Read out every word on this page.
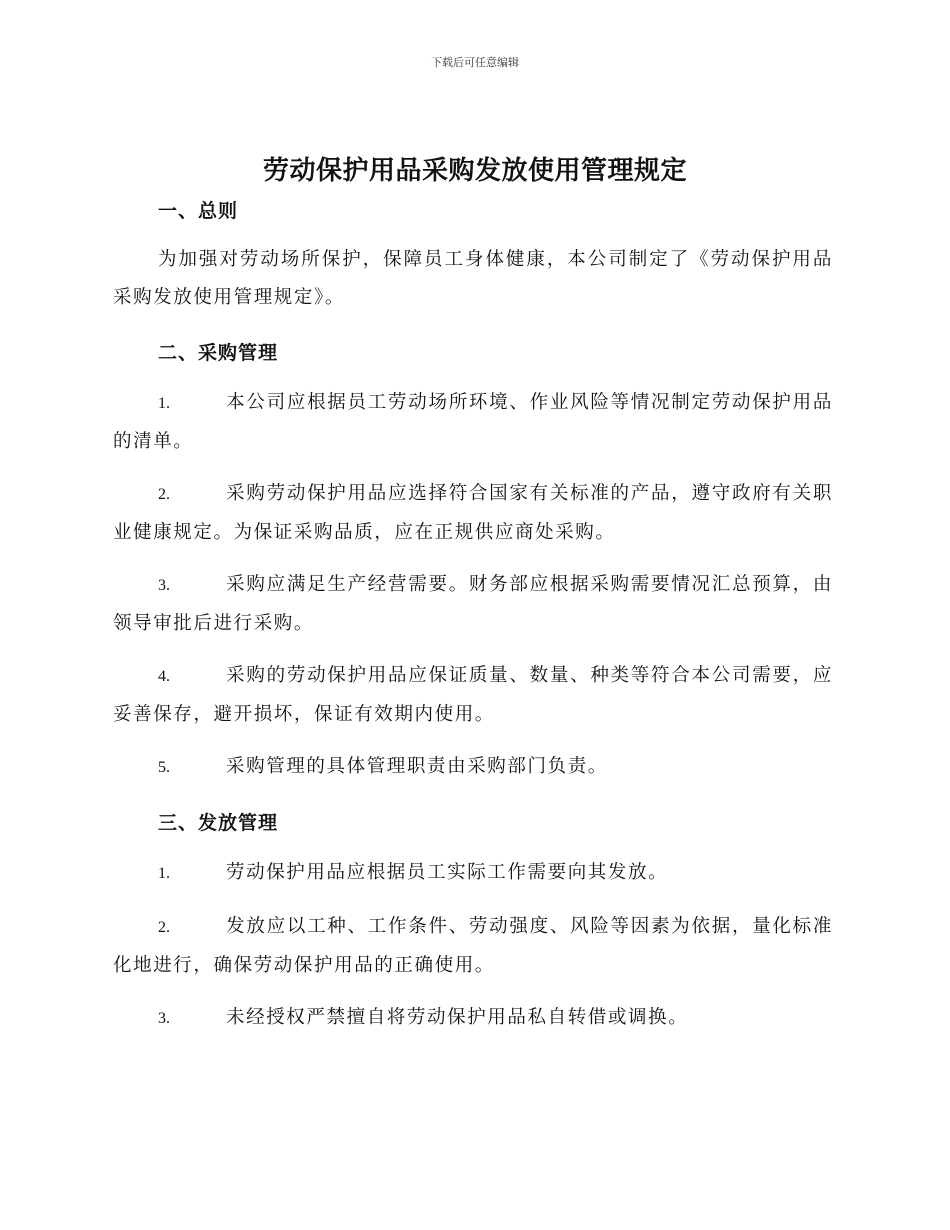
下载后可任意编辑
劳动保护用品采购发放使用管理规定
一、总则
为加强对劳动场所保护，保障员工身体健康，本公司制定了《劳动保护用品采购发放使用管理规定》。
二、采购管理
1.	本公司应根据员工劳动场所环境、作业风险等情况制定劳动保护用品的清单。
2.	采购劳动保护用品应选择符合国家有关标准的产品，遵守政府有关职业健康规定。为保证采购品质，应在正规供应商处采购。
3.	采购应满足生产经营需要。财务部应根据采购需要情况汇总预算，由领导审批后进行采购。
4.	采购的劳动保护用品应保证质量、数量、种类等符合本公司需要，应妥善保存，避开损坏，保证有效期内使用。
5.	采购管理的具体管理职责由采购部门负责。
三、发放管理
1.	劳动保护用品应根据员工实际工作需要向其发放。
2.	发放应以工种、工作条件、劳动强度、风险等因素为依据，量化标准化地进行，确保劳动保护用品的正确使用。
3.	未经授权严禁擅自将劳动保护用品私自转借或调换。
